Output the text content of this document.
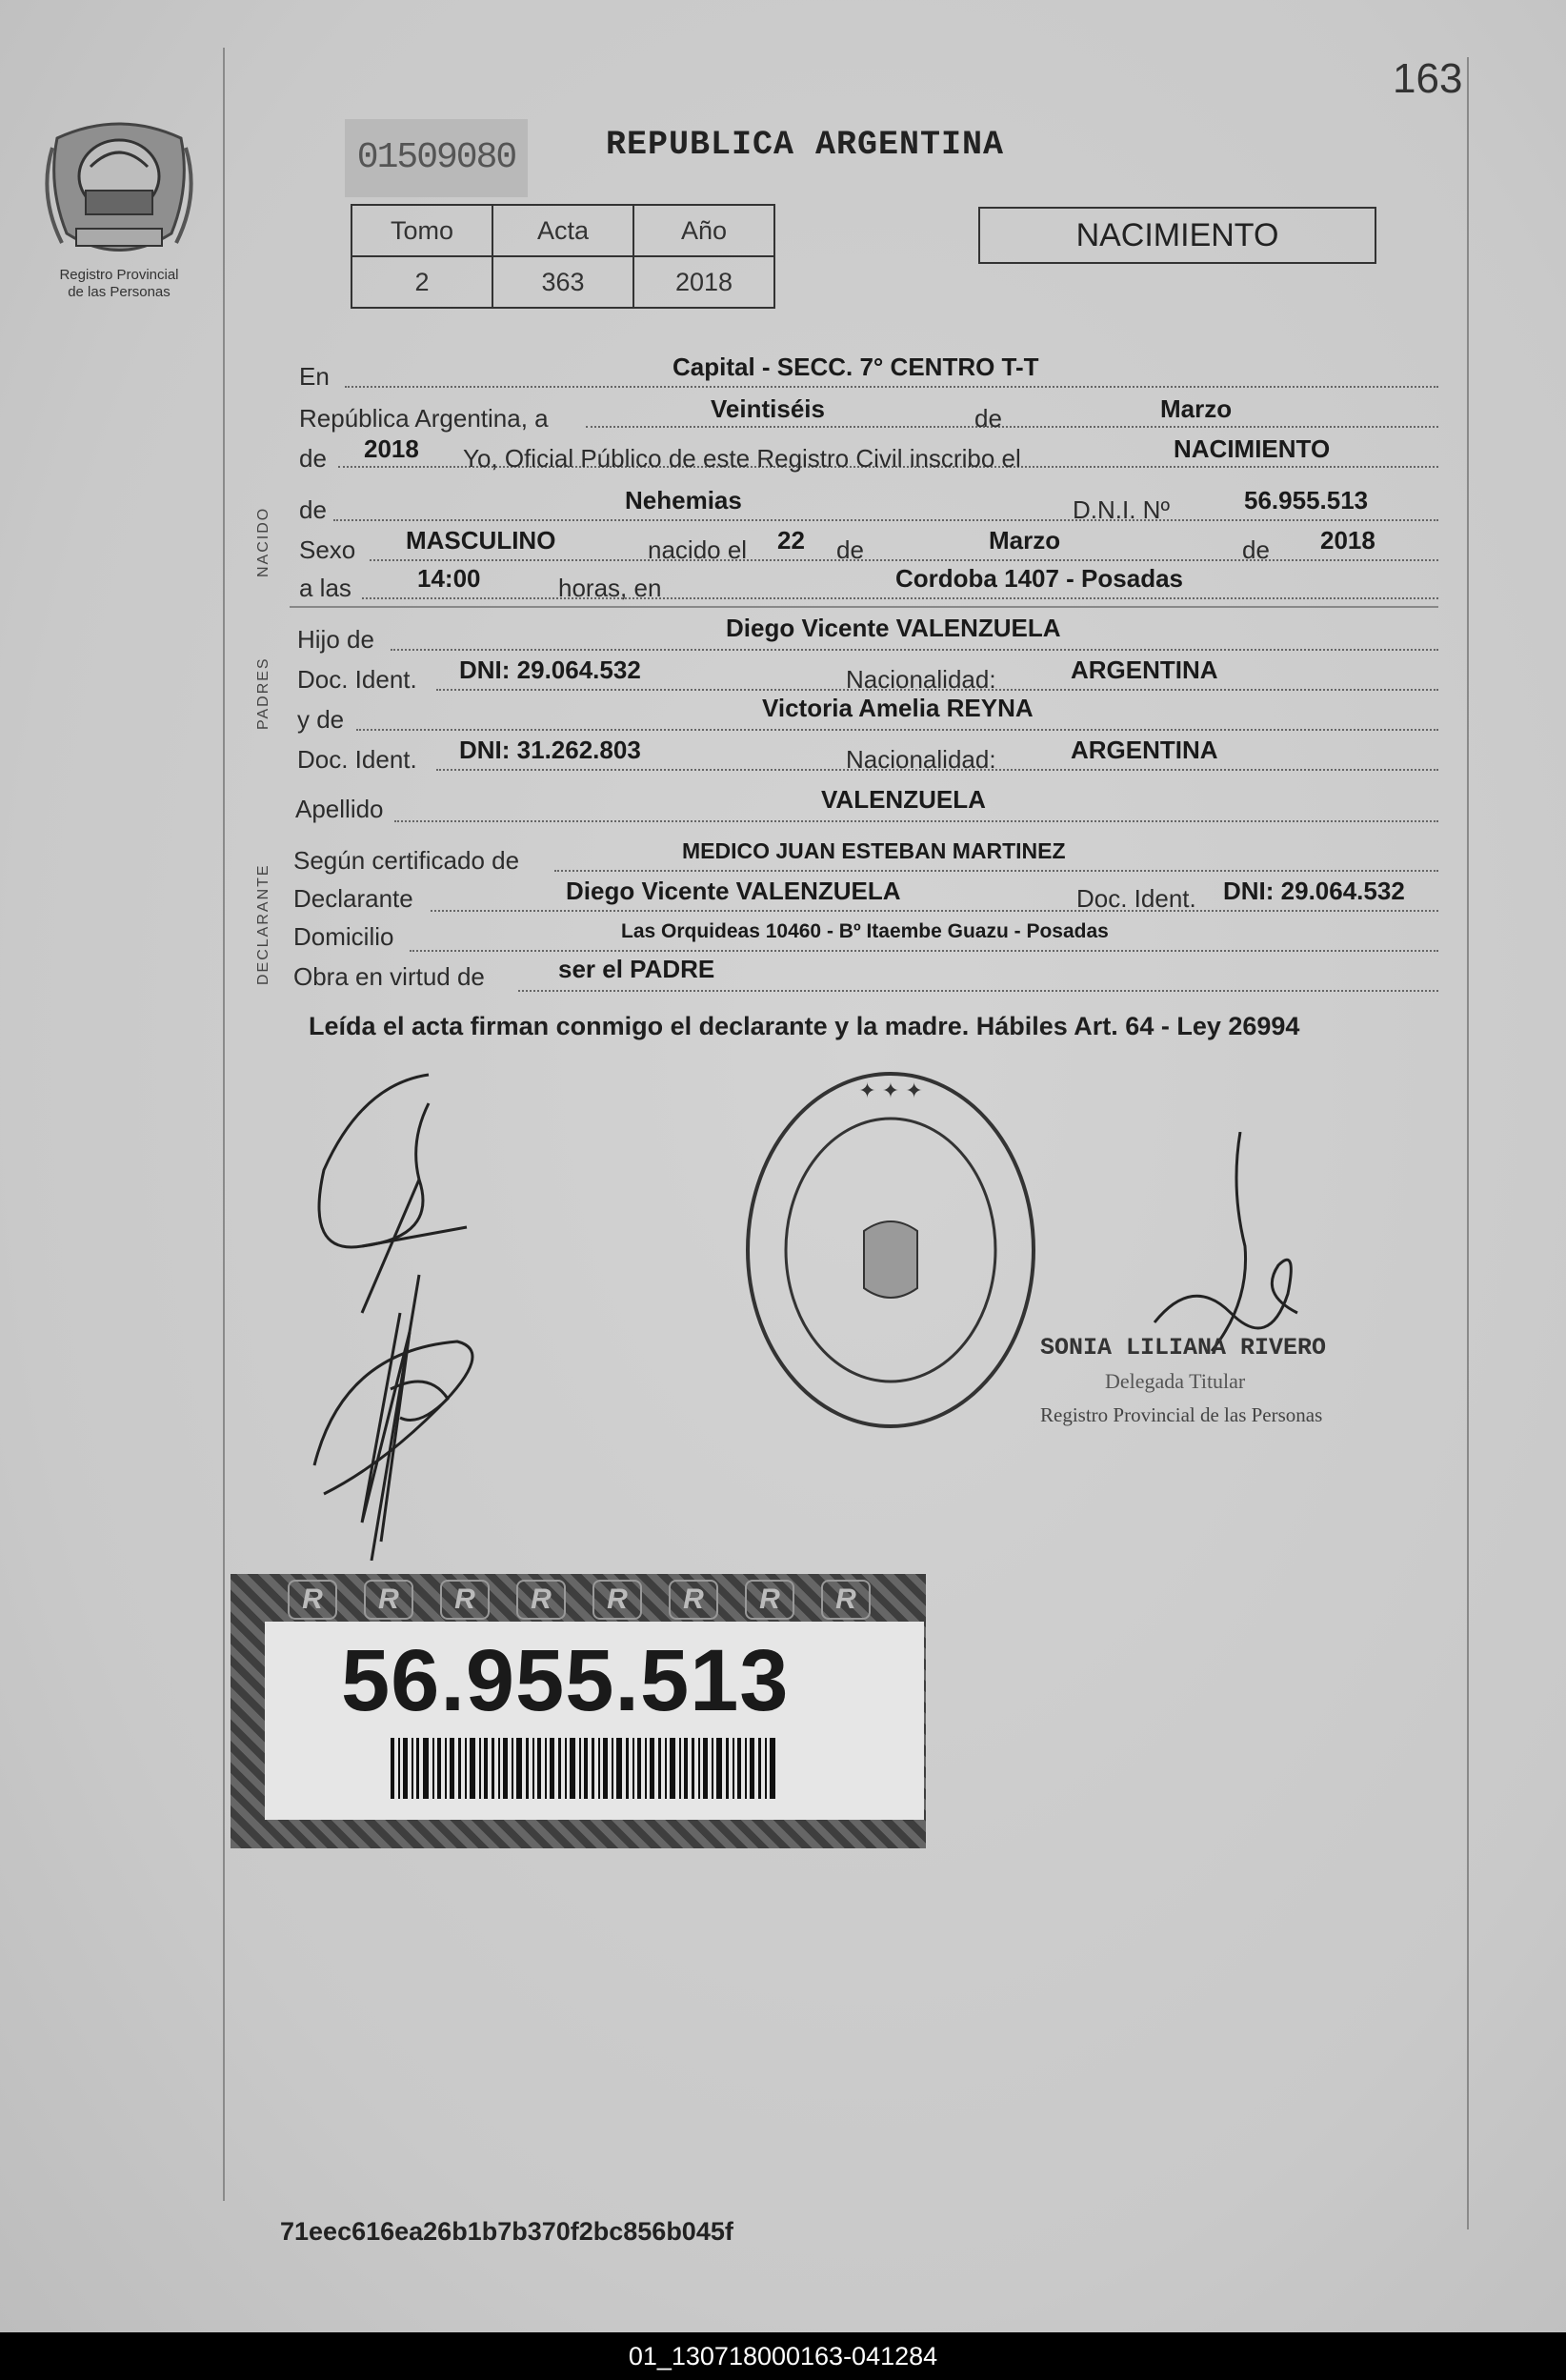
163
Registro Provincial
de las Personas
01509080	REPUBLICA ARGENTINA
Tomo	Acta	Año
2	363	2018
NACIMIENTO
En	Capital - SECC. 7° CENTRO T-T
República Argentina, a	Veintiséis	de	Marzo
de 2018 Yo, Oficial Público de este Registro Civil inscribo el	NACIMIENTO
NACIDO de	Nehemias	D.N.I. Nº	56.955.513
Sexo MASCULINO	nacido el 22 de	Marzo	de 2018
a las	14:00	horas, en	Cordoba 1407 - Posadas
PADRES
Hijo de	Diego Vicente VALENZUELA
Doc. Ident. DNI: 29.064.532	Nacionalidad:	ARGENTINA
y de	Victoria Amelia REYNA
Doc. Ident. DNI: 31.262.803	Nacionalidad:	ARGENTINA
Apellido	VALENZUELA
DECLARANTE
Según certificado de	MEDICO JUAN ESTEBAN MARTINEZ
Declarante	Diego Vicente VALENZUELA	Doc. Ident. DNI: 29.064.532
Domicilio	Las Orquideas 10460 - Bº Itaembe Guazu - Posadas
Obra en virtud de	ser el PADRE
Leída el acta firman conmigo el declarante y la madre. Hábiles Art. 64 - Ley 26994
✦ ✦ ✦
SONIA LILIANA RIVERO
Delegada Titular
Registro Provincial de las Personas
R	R	R	R	R	R	R	R
56.955.513
71eec616ea26b1b7b370f2bc856b045f
01_130718000163-041284
